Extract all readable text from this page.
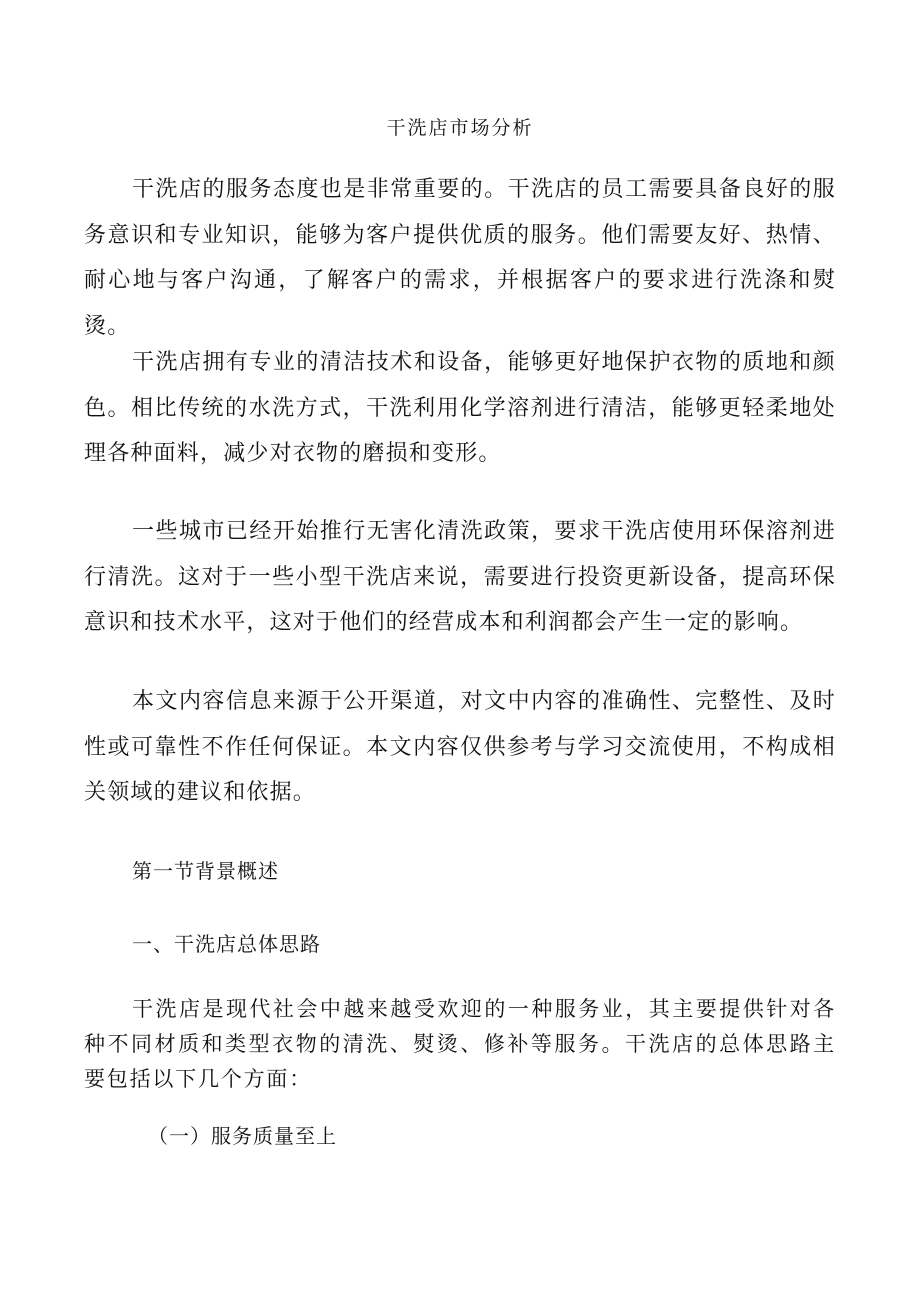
干洗店市场分析

干洗店的服务态度也是非常重要的。干洗店的员工需要具备良好的服务意识和专业知识，能够为客户提供优质的服务。他们需要友好、热情、耐心地与客户沟通，了解客户的需求，并根据客户的要求进行洗涤和熨烫。

干洗店拥有专业的清洁技术和设备，能够更好地保护衣物的质地和颜色。相比传统的水洗方式，干洗利用化学溶剂进行清洁，能够更轻柔地处理各种面料，减少对衣物的磨损和变形。

一些城市已经开始推行无害化清洗政策，要求干洗店使用环保溶剂进行清洗。这对于一些小型干洗店来说，需要进行投资更新设备，提高环保意识和技术水平，这对于他们的经营成本和利润都会产生一定的影响。

本文内容信息来源于公开渠道，对文中内容的准确性、完整性、及时性或可靠性不作任何保证。本文内容仅供参考与学习交流使用，不构成相关领域的建议和依据。

第一节背景概述

一、干洗店总体思路

干洗店是现代社会中越来越受欢迎的一种服务业，其主要提供针对各种不同材质和类型衣物的清洗、熨烫、修补等服务。干洗店的总体思路主要包括以下几个方面：

（一）服务质量至上
